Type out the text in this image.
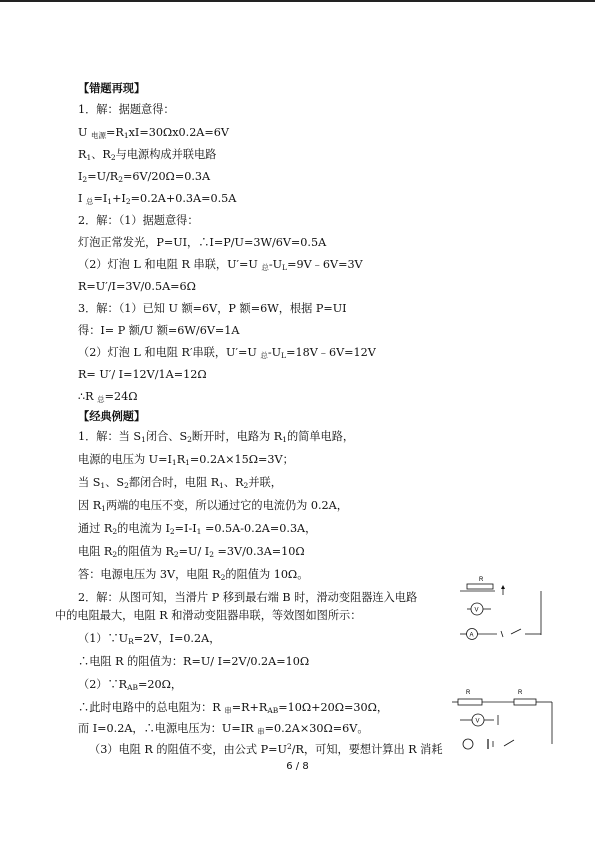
【错题再现】
1．解：据题意得：
U $_{电源}=R_1xI=30\Omega x0.2A=6V$
$R_1$、$R_2$与电源构成并联电路
$I_2=U/R_2=6V/20\Omega=0.3A$
I $_总=I_1+I_2=0.2A+0.3A=0.5A$
2．解：（1）据题意得：
灯泡正常发光，P=UI，∴I=P/U=3W/6V=0.5A
（2）灯泡 L 和电阻 R 串联，U′=U $_总-U_L=9V﹣6V=3V$
R=U′/I=3V/0.5A=6Ω
3．解：（1）已知 U 额=6V，P 额=6W，根据 P=UI
得：I= P 额/U 额=6W/6V=1A
（2）灯泡 L 和电阻 R′串联，U′=U $_总-U_L=18V﹣6V=12V$
R= U′/ I=12V/1A=12Ω
∴R $_总$=24Ω
【经典例题】
1．解：当 $S_1$闭合、$S_2$断开时，电路为 $R_1$的简单电路，
电源的电压为 $U=I_1R_1=0.2A\times 15\Omega=3V$；
当 $S_1$、$S_2$都闭合时，电阻 $R_1$、$R_2$并联，
因 $R_1$两端的电压不变，所以通过它的电流仍为 0.2A，
通过 $R_2$的电流为 $I_2=I-I_1 =0.5A-0.2A=0.3A$，
电阻 $R_2$的阻值为 $R_2=U/$ $I_2 =3V/0.3A=10\Omega$
答：电源电压为 3V，电阻 $R_2$的阻值为 10Ω。
2．解：从图可知，当滑片 P 移到最右端 B 时，滑动变阻器连入电路
中的电阻最大，电阻 R 和滑动变阻器串联，等效图如图所示：
$(1)\because U_R=2V$，I=0.2A，
∴电阻 R 的阻值为：R=U/ I=2V/0.2A=10Ω
$(2)\because R_{AB}=20\Omega$，
6 / 8
R
V
A
R	R
V
∴此时电路中的总电阻为：R $_串=R+R_{AB}=10\Omega+20\Omega=30\Omega$，
而 I=0.2A，∴电源电压为：U=IR $_串$=0.2A×30Ω=6V。
（3）电阻 R 的阻值不变，由公式 $P=U^2/R$，可知，要想计算出 R 消耗
